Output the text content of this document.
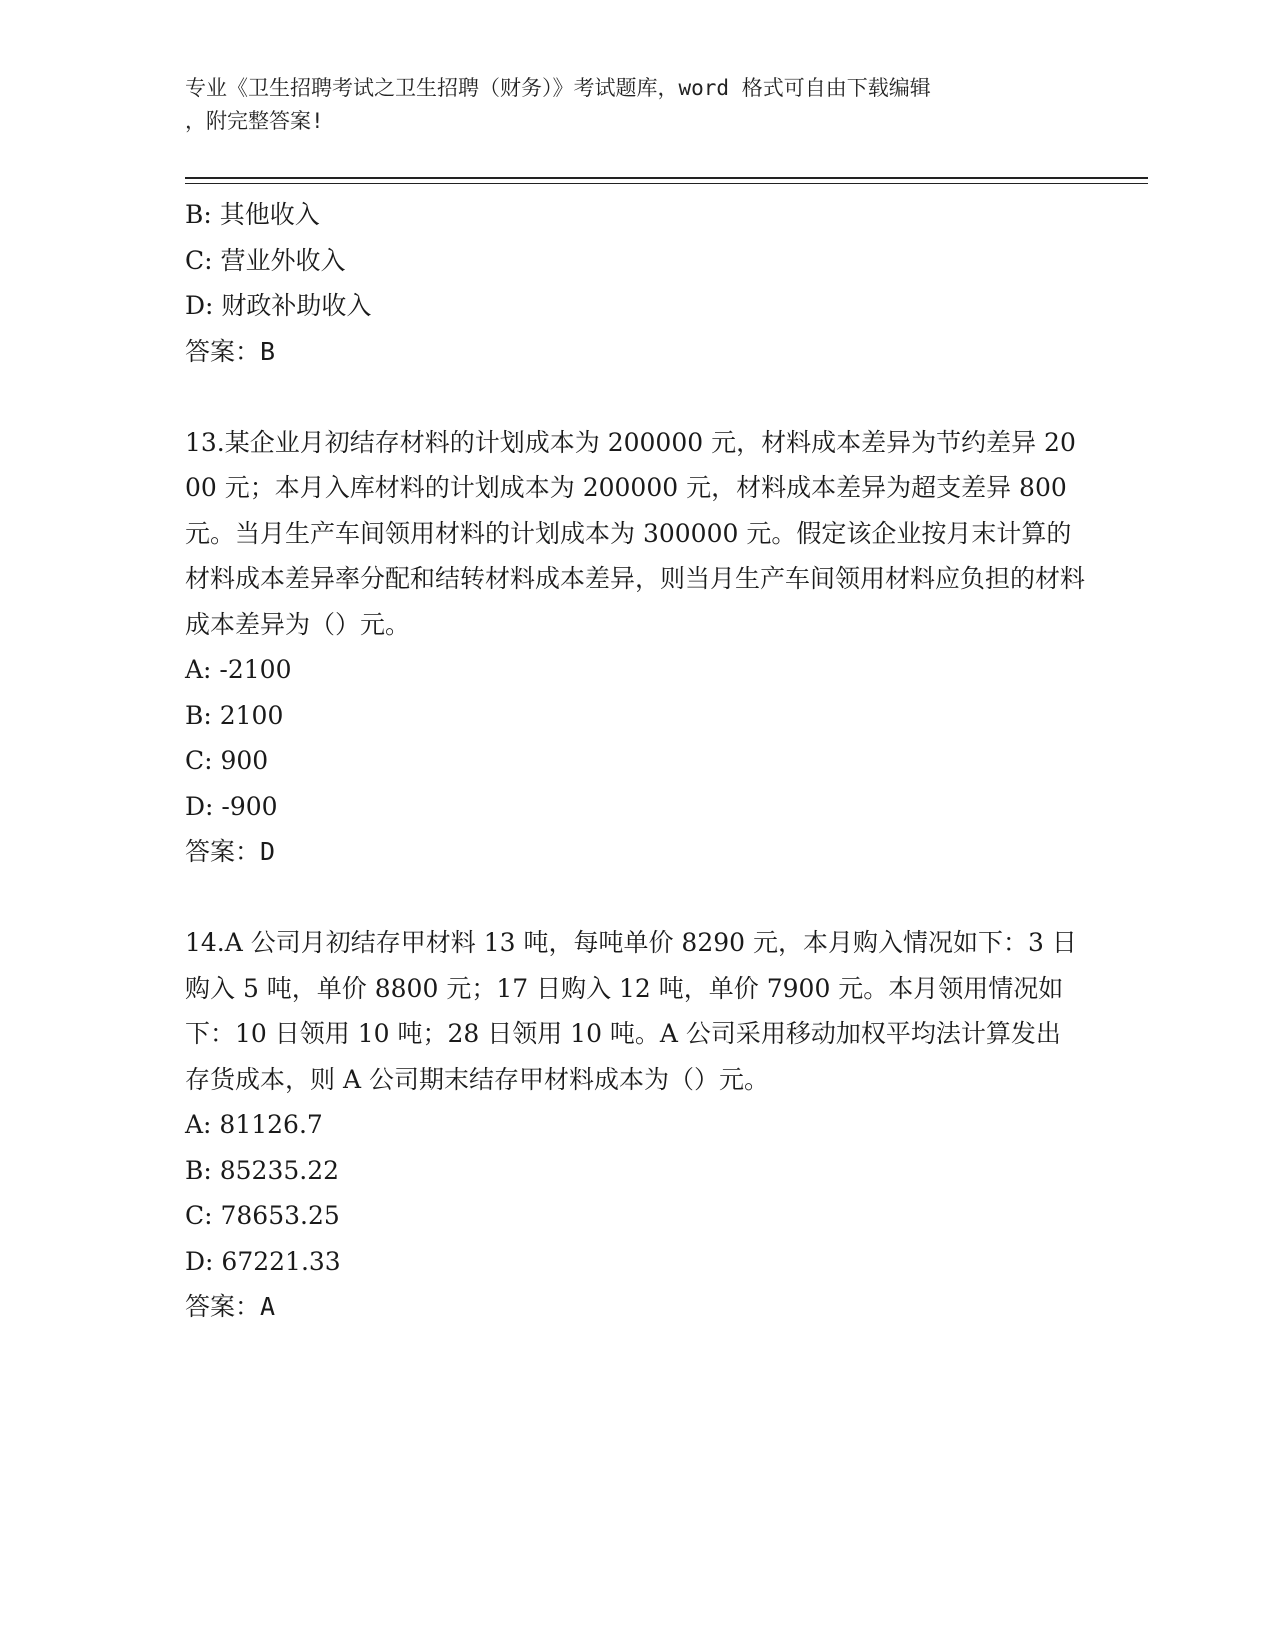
专业《卫生招聘考试之卫生招聘（财务）》考试题库，word 格式可自由下载编辑
，附完整答案!
B: 其他收入
C: 营业外收入
D: 财政补助收入
答案：B
13.某企业月初结存材料的计划成本为 200000 元，材料成本差异为节约差异 2000 元；本月入库材料的计划成本为 200000 元，材料成本差异为超支差异 800 元。当月生产车间领用材料的计划成本为 300000 元。假定该企业按月末计算的材料成本差异率分配和结转材料成本差异，则当月生产车间领用材料应负担的材料成本差异为（）元。
A: -2100
B: 2100
C: 900
D: -900
答案：D
14.A 公司月初结存甲材料 13 吨，每吨单价 8290 元，本月购入情况如下：3 日购入 5 吨，单价 8800 元；17 日购入 12 吨，单价 7900 元。本月领用情况如下：10 日领用 10 吨；28 日领用 10 吨。A 公司采用移动加权平均法计算发出存货成本，则 A 公司期末结存甲材料成本为（）元。
A: 81126.7
B: 85235.22
C: 78653.25
D: 67221.33
答案：A
